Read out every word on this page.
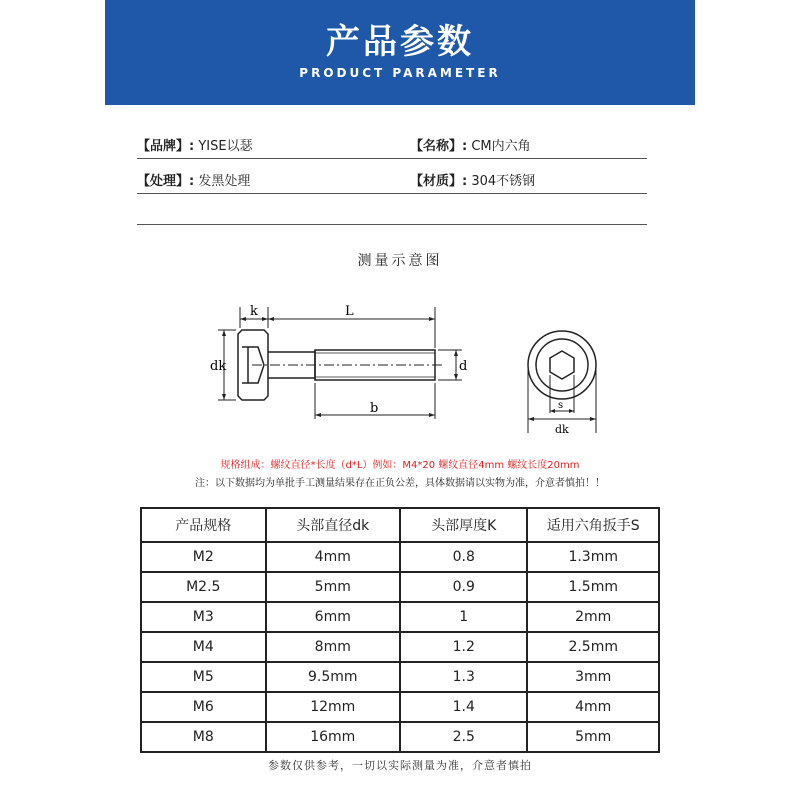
产品参数
PRODUCT PARAMETER
【品牌】: YISE以瑟	【名称】: CM内六角
【处理】: 发黑处理	【材质】: 304不锈钢
测量示意图
k	L
dk	d
b	s
dk
规格组成：螺纹直径*长度（d*L）例如：M4*20 螺纹直径4mm 螺纹长度20mm
注：以下数据均为单批手工测量结果存在正负公差，具体数据请以实物为准，介意者慎拍！！
产品规格	头部直径dk	头部厚度K	适用六角扳手S
M2	4mm	0.8	1.3mm
M2.5	5mm	0.9	1.5mm
M3	6mm	1	2mm
M4	8mm	1.2	2.5mm
M5	9.5mm	1.3	3mm
M6	12mm	1.4	4mm
M8	16mm	2.5	5mm
参数仅供参考，一切以实际测量为准，介意者慎拍
